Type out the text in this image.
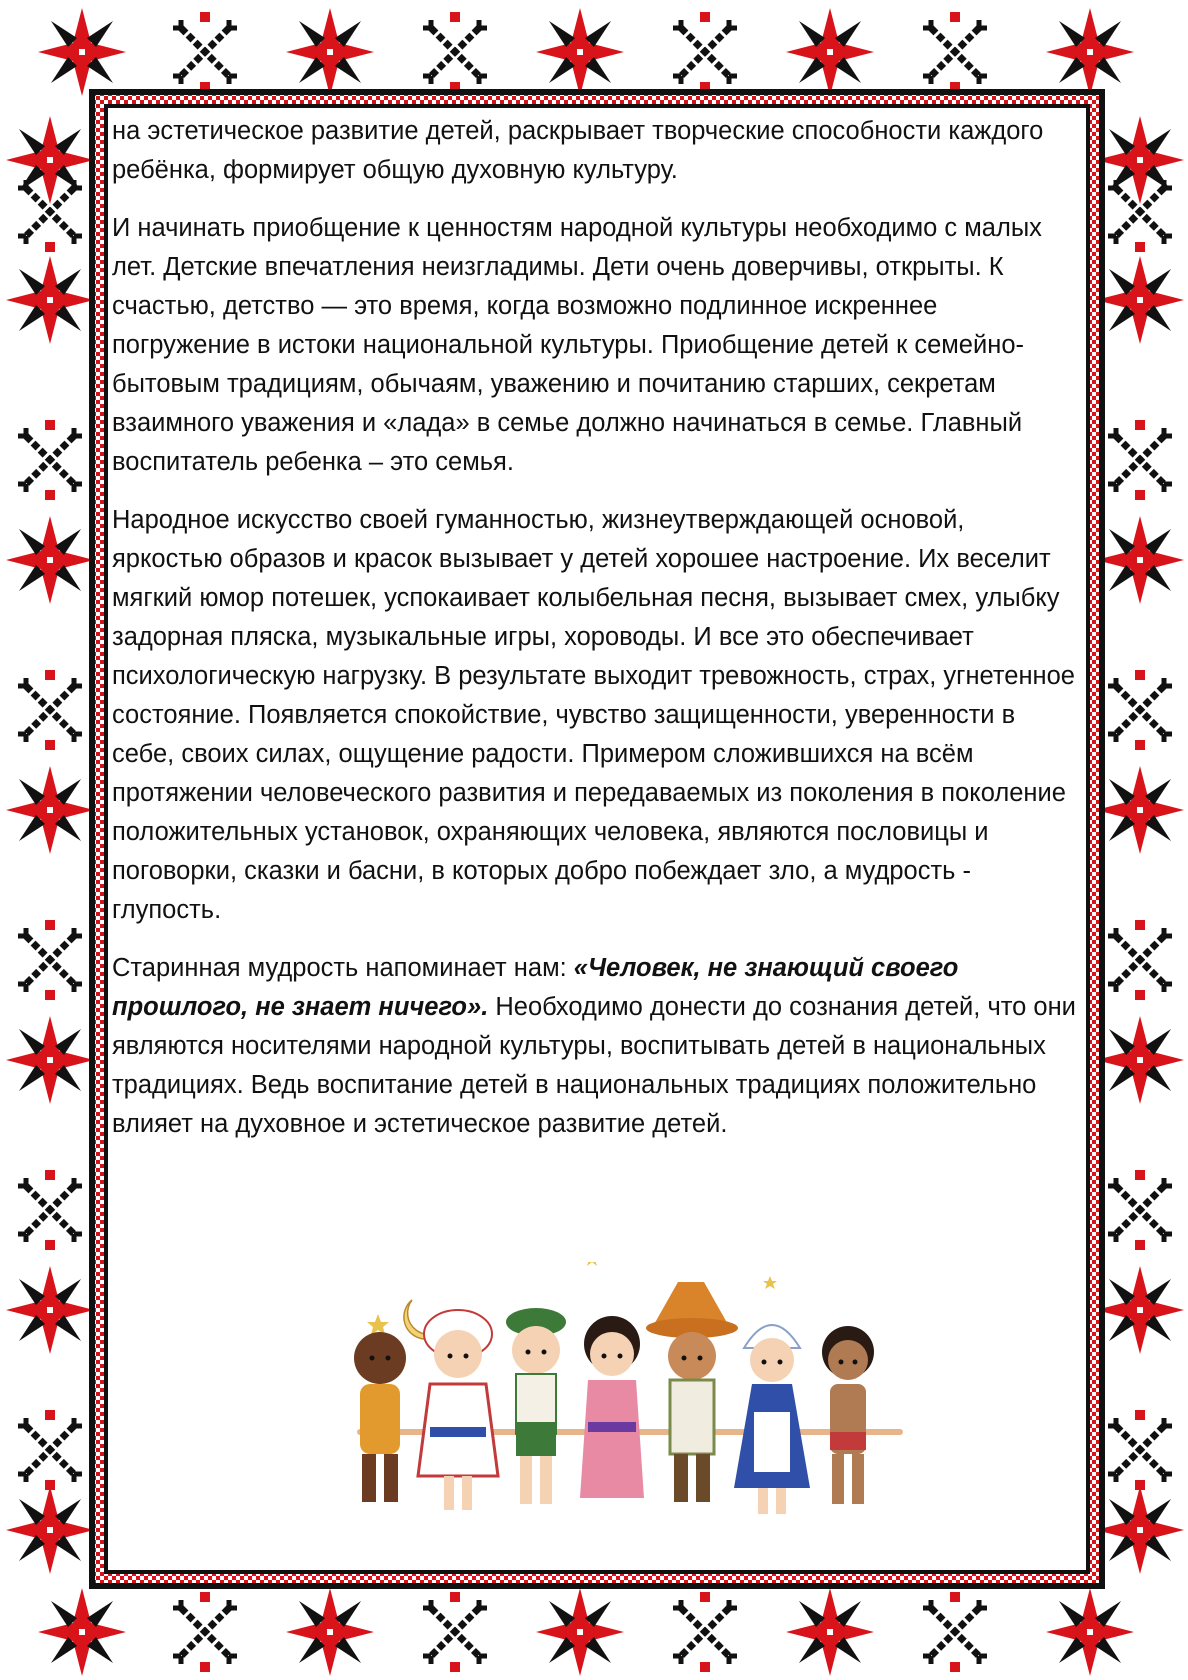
на эстетическое развитие детей, раскрывает творческие способности каждого ребёнка, формирует общую духовную культуру.

И начинать приобщение к ценностям народной культуры необходимо с малых лет. Детские впечатления неизгладимы. Дети очень доверчивы, открыты. К счастью, детство — это время, когда возможно подлинное искреннее погружение в истоки национальной культуры. Приобщение детей к семейно-бытовым традициям, обычаям, уважению и почитанию старших, секретам взаимного уважения и «лада» в семье должно начинаться в семье. Главный воспитатель ребенка – это семья.

Народное искусство своей гуманностью, жизнеутверждающей основой, яркостью образов и красок вызывает у детей хорошее настроение. Их веселит мягкий юмор потешек, успокаивает колыбельная песня, вызывает смех, улыбку задорная пляска, музыкальные игры, хороводы. И все это обеспечивает психологическую нагрузку. В результате выходит тревожность, страх, угнетенное состояние. Появляется спокойствие, чувство защищенности, уверенности в себе, своих силах, ощущение радости. Примером сложившихся на всём протяжении человеческого развития и передаваемых из поколения в поколение положительных установок, охраняющих человека, являются пословицы и поговорки, сказки и басни, в которых добро побеждает зло, а мудрость - глупость.

Старинная мудрость напоминает нам: «Человек, не знающий своего прошлого, не знает ничего». Необходимо донести до сознания детей, что они являются носителями народной культуры, воспитывать детей в национальных традициях. Ведь воспитание детей в национальных традициях положительно влияет на духовное и эстетическое развитие детей.
